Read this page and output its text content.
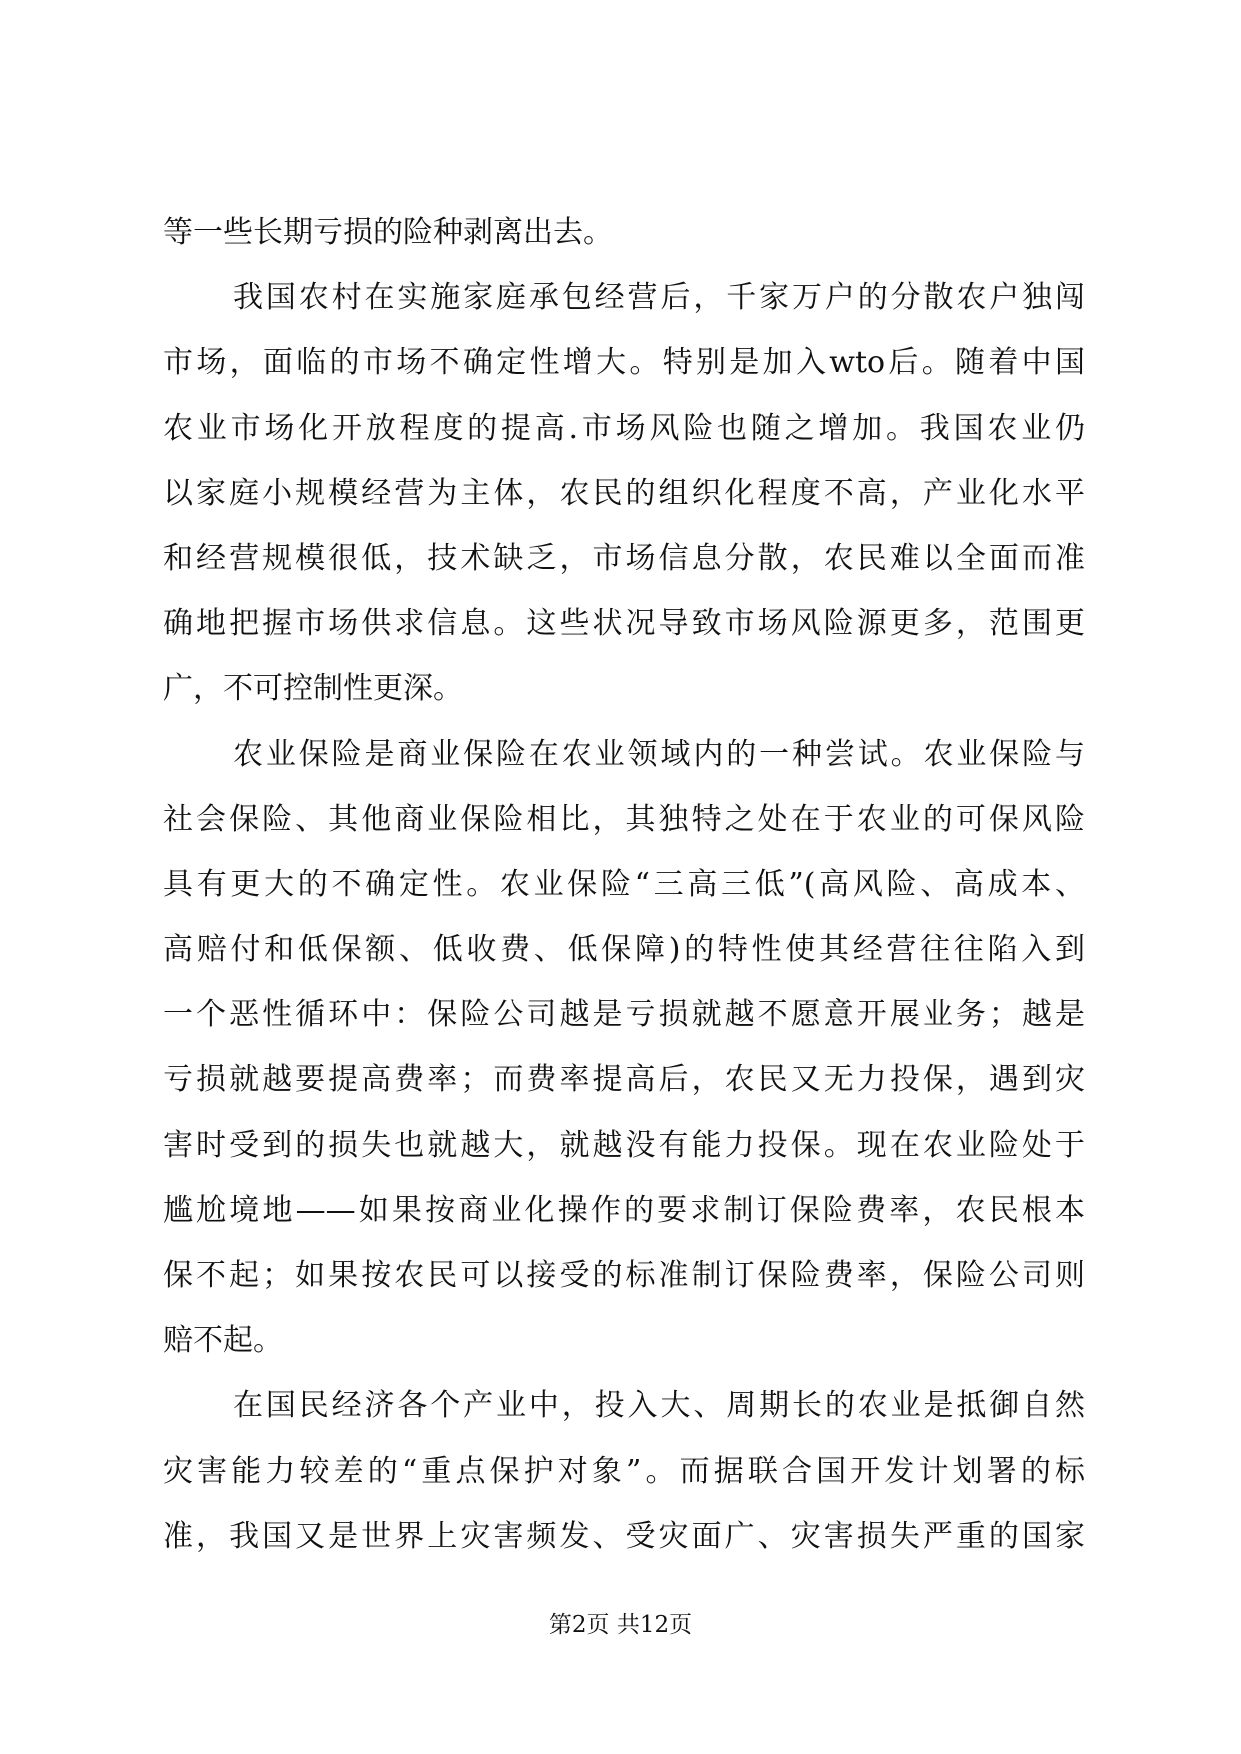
等一些长期亏损的险种剥离出去。
我国农村在实施家庭承包经营后，千家万户的分散农户独闯
市场，面临的市场不确定性增大。特别是加入wto后。随着中国
农业市场化开放程度的提高.市场风险也随之增加。我国农业仍
以家庭小规模经营为主体，农民的组织化程度不高，产业化水平
和经营规模很低，技术缺乏，市场信息分散，农民难以全面而准
确地把握市场供求信息。这些状况导致市场风险源更多，范围更
广，不可控制性更深。
农业保险是商业保险在农业领域内的一种尝试。农业保险与
社会保险、其他商业保险相比，其独特之处在于农业的可保风险
具有更大的不确定性。农业保险“三高三低”(高风险、高成本、
高赔付和低保额、低收费、低保障)的特性使其经营往往陷入到
一个恶性循环中：保险公司越是亏损就越不愿意开展业务；越是
亏损就越要提高费率；而费率提高后，农民又无力投保，遇到灾
害时受到的损失也就越大，就越没有能力投保。现在农业险处于
尴尬境地——如果按商业化操作的要求制订保险费率，农民根本
保不起；如果按农民可以接受的标准制订保险费率，保险公司则
赔不起。
在国民经济各个产业中，投入大、周期长的农业是抵御自然
灾害能力较差的“重点保护对象”。而据联合国开发计划署的标
准，我国又是世界上灾害频发、受灾面广、灾害损失严重的国家
第2页 共12页
